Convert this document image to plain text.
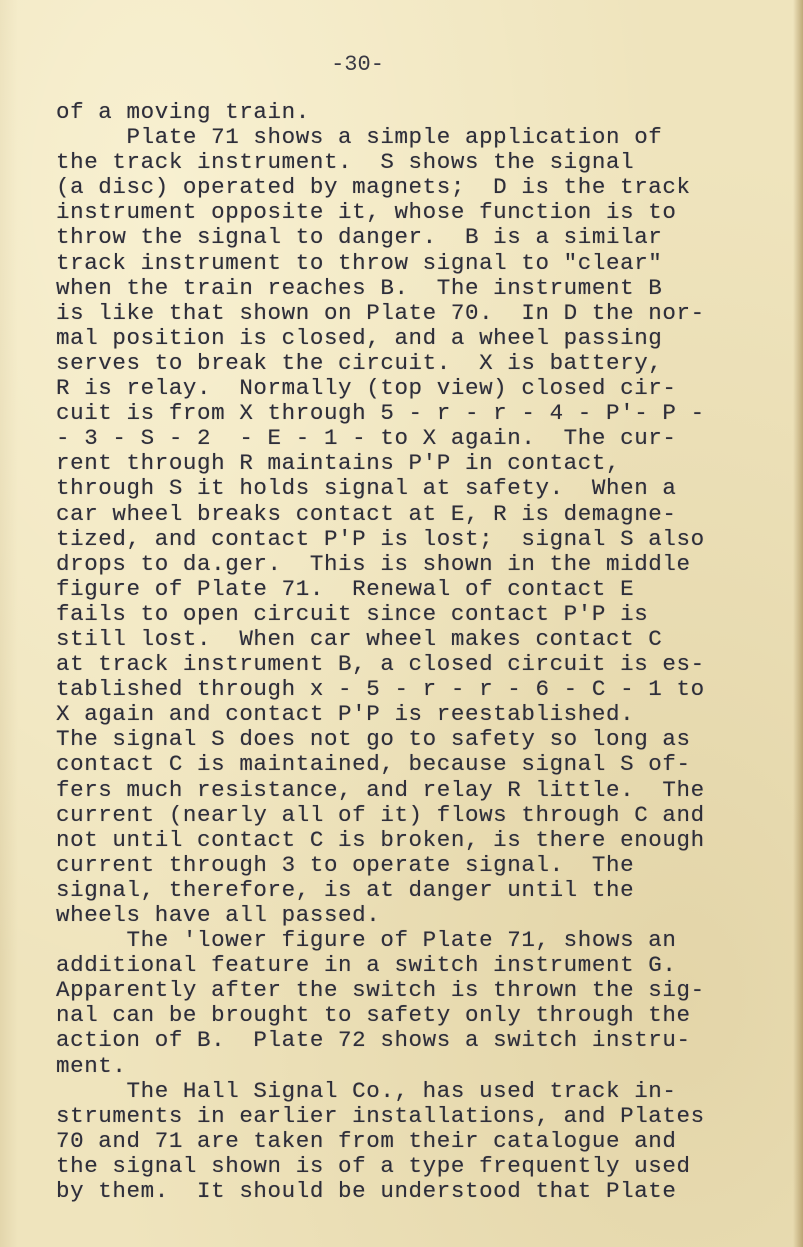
-30-
of a moving train.
Plate 71 shows a simple application of
the track instrument.  S shows the signal
(a disc) operated by magnets;  D is the track
instrument opposite it, whose function is to
throw the signal to danger.  B is a similar
track instrument to throw signal to "clear"
when the train reaches B.  The instrument B
is like that shown on Plate 70.  In D the nor-
mal position is closed, and a wheel passing
serves to break the circuit.  X is battery,
R is relay.  Normally (top view) closed cir-
cuit is from X through 5 - r - r - 4 - P'- P -
- 3 - S - 2  - E - 1 - to X again.  The cur-
rent through R maintains P'P in contact,
through S it holds signal at safety.  When a
car wheel breaks contact at E, R is demagne-
tized, and contact P'P is lost;  signal S also
drops to da.ger.  This is shown in the middle
figure of Plate 71.  Renewal of contact E
fails to open circuit since contact P'P is
still lost.  When car wheel makes contact C
at track instrument B, a closed circuit is es-
tablished through x - 5 - r - r - 6 - C - 1 to
X again and contact P'P is reestablished.
The signal S does not go to safety so long as
contact C is maintained, because signal S of-
fers much resistance, and relay R little.  The
current (nearly all of it) flows through C and
not until contact C is broken, is there enough
current through 3 to operate signal.  The
signal, therefore, is at danger until the
wheels have all passed.
The 'lower figure of Plate 71, shows an
additional feature in a switch instrument G.
Apparently after the switch is thrown the sig-
nal can be brought to safety only through the
action of B.  Plate 72 shows a switch instru-
ment.
The Hall Signal Co., has used track in-
struments in earlier installations, and Plates
70 and 71 are taken from their catalogue and
the signal shown is of a type frequently used
by them.  It should be understood that Plate
